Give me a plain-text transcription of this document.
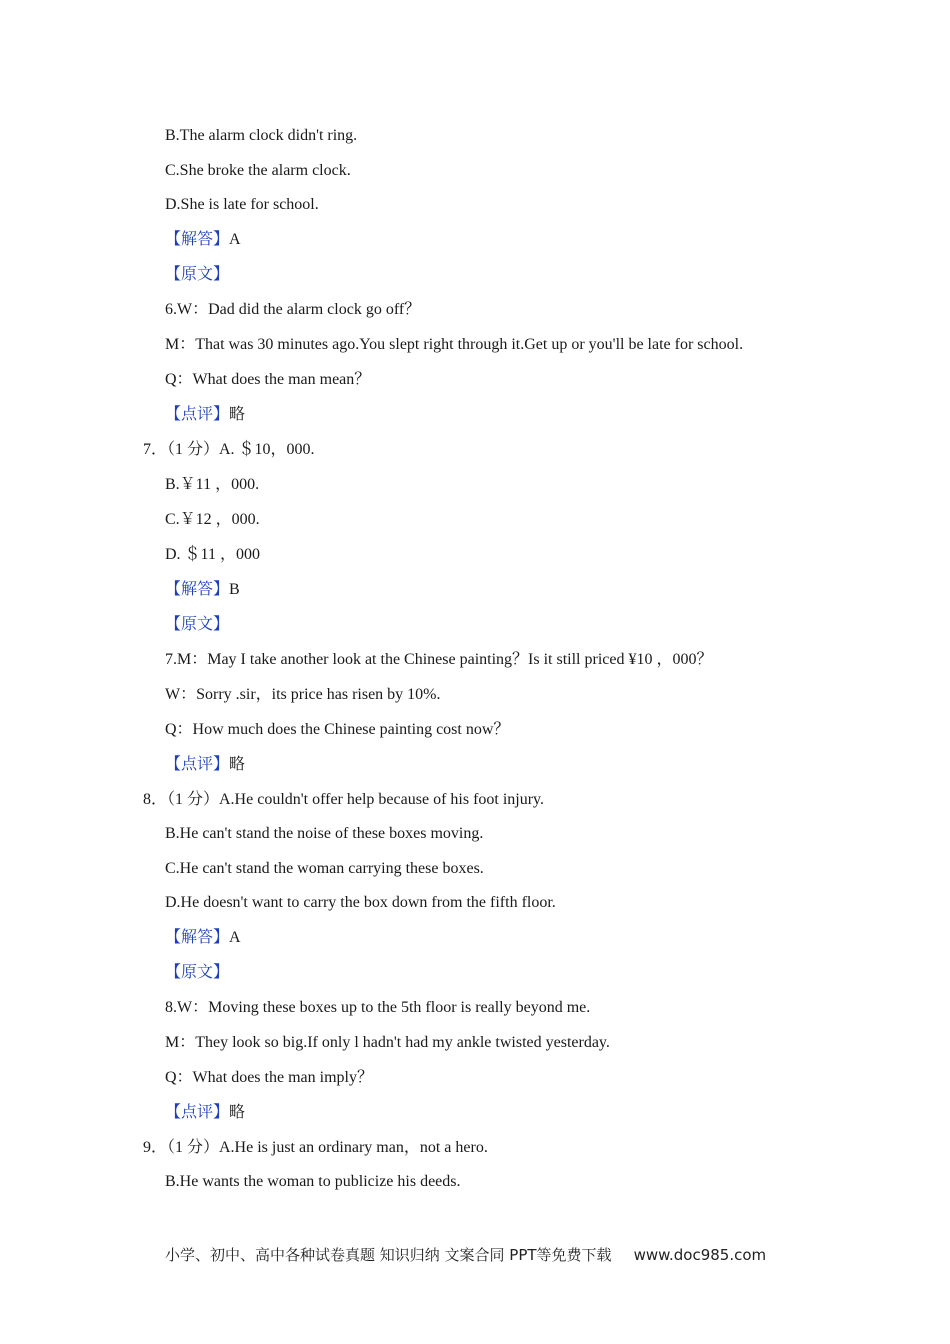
B.The alarm clock didn't ring.
C.She broke the alarm clock.
D.She is late for school.
【解答】A
【原文】
6.W：Dad did the alarm clock go off？
M：That was 30 minutes ago.You slept right through it.Get up or you'll be late for school.
Q：What does the man mean？
【点评】略
7．（1 分）A. ＄10，000.
B.￥11 ，000.
C.￥12 ，000.
D. ＄11 ，000
【解答】B
【原文】
7.M：May I take another look at the Chinese painting？Is it still priced ¥10 ，000？
W：Sorry .sir，its price has risen by 10%.
Q：How much does the Chinese painting cost now？
【点评】略
8．（1 分）A.He couldn't offer help because of his foot injury.
B.He can't stand the noise of these boxes moving.
C.He can't stand the woman carrying these boxes.
D.He doesn't want to carry the box down from the fifth floor.
【解答】A
【原文】
8.W：Moving these boxes up to the 5th floor is really beyond me.
M：They look so big.If only l hadn't had my ankle twisted yesterday.
Q：What does the man imply？
【点评】略
9．（1 分）A.He is just an ordinary man，not a hero.
B.He wants the woman to publicize his deeds.
小学、初中、高中各种试卷真题 知识归纳 文案合同 PPT等免费下载 www.doc985.com
